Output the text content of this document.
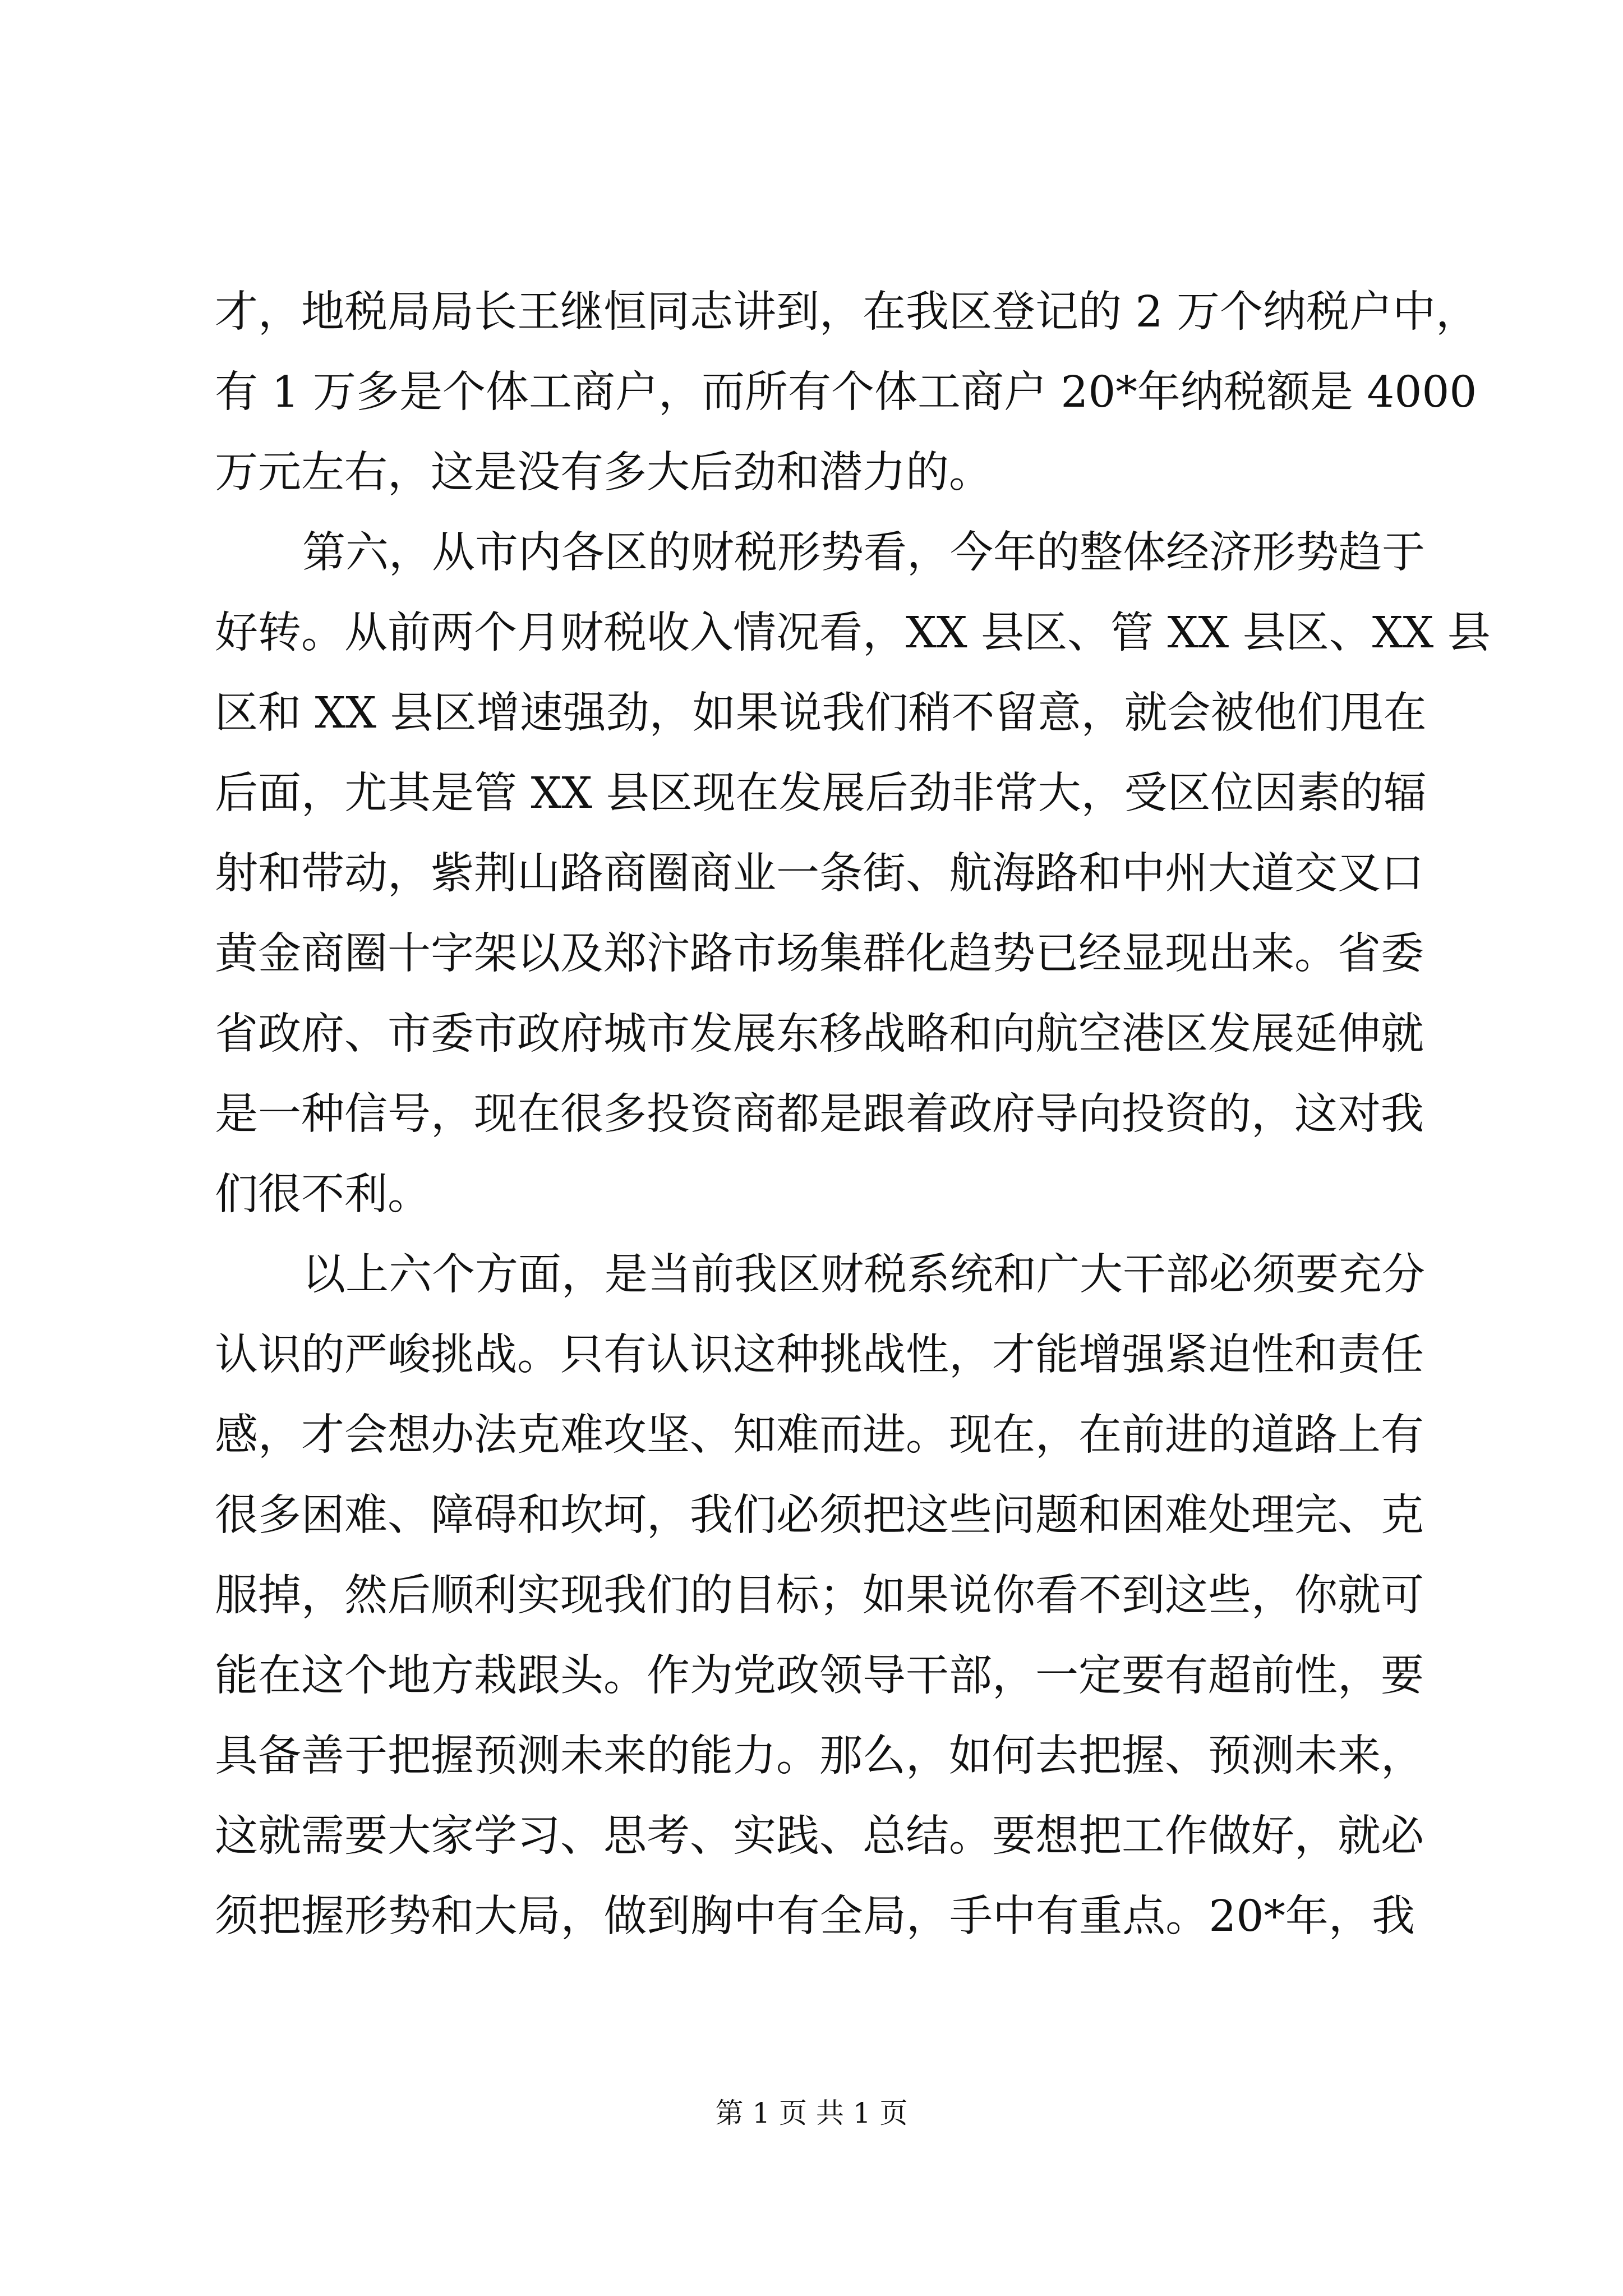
才，地税局局长王继恒同志讲到，在我区登记的 2 万个纳税户中，
有 1 万多是个体工商户，而所有个体工商户 20*年纳税额是 4000
万元左右，这是没有多大后劲和潜力的。
第六，从市内各区的财税形势看，今年的整体经济形势趋于
好转。从前两个月财税收入情况看，XX 县区、管 XX 县区、XX 县
区和 XX 县区增速强劲，如果说我们稍不留意，就会被他们甩在
后面，尤其是管 XX 县区现在发展后劲非常大，受区位因素的辐
射和带动，紫荆山路商圈商业一条街、航海路和中州大道交叉口
黄金商圈十字架以及郑汴路市场集群化趋势已经显现出来。省委
省政府、市委市政府城市发展东移战略和向航空港区发展延伸就
是一种信号，现在很多投资商都是跟着政府导向投资的，这对我
们很不利。
以上六个方面，是当前我区财税系统和广大干部必须要充分
认识的严峻挑战。只有认识这种挑战性，才能增强紧迫性和责任
感，才会想办法克难攻坚、知难而进。现在，在前进的道路上有
很多困难、障碍和坎坷，我们必须把这些问题和困难处理完、克
服掉，然后顺利实现我们的目标；如果说你看不到这些，你就可
能在这个地方栽跟头。作为党政领导干部，一定要有超前性，要
具备善于把握预测未来的能力。那么，如何去把握、预测未来，
这就需要大家学习、思考、实践、总结。要想把工作做好，就必
须把握形势和大局，做到胸中有全局，手中有重点。20*年，我
第 1 页 共 1 页
